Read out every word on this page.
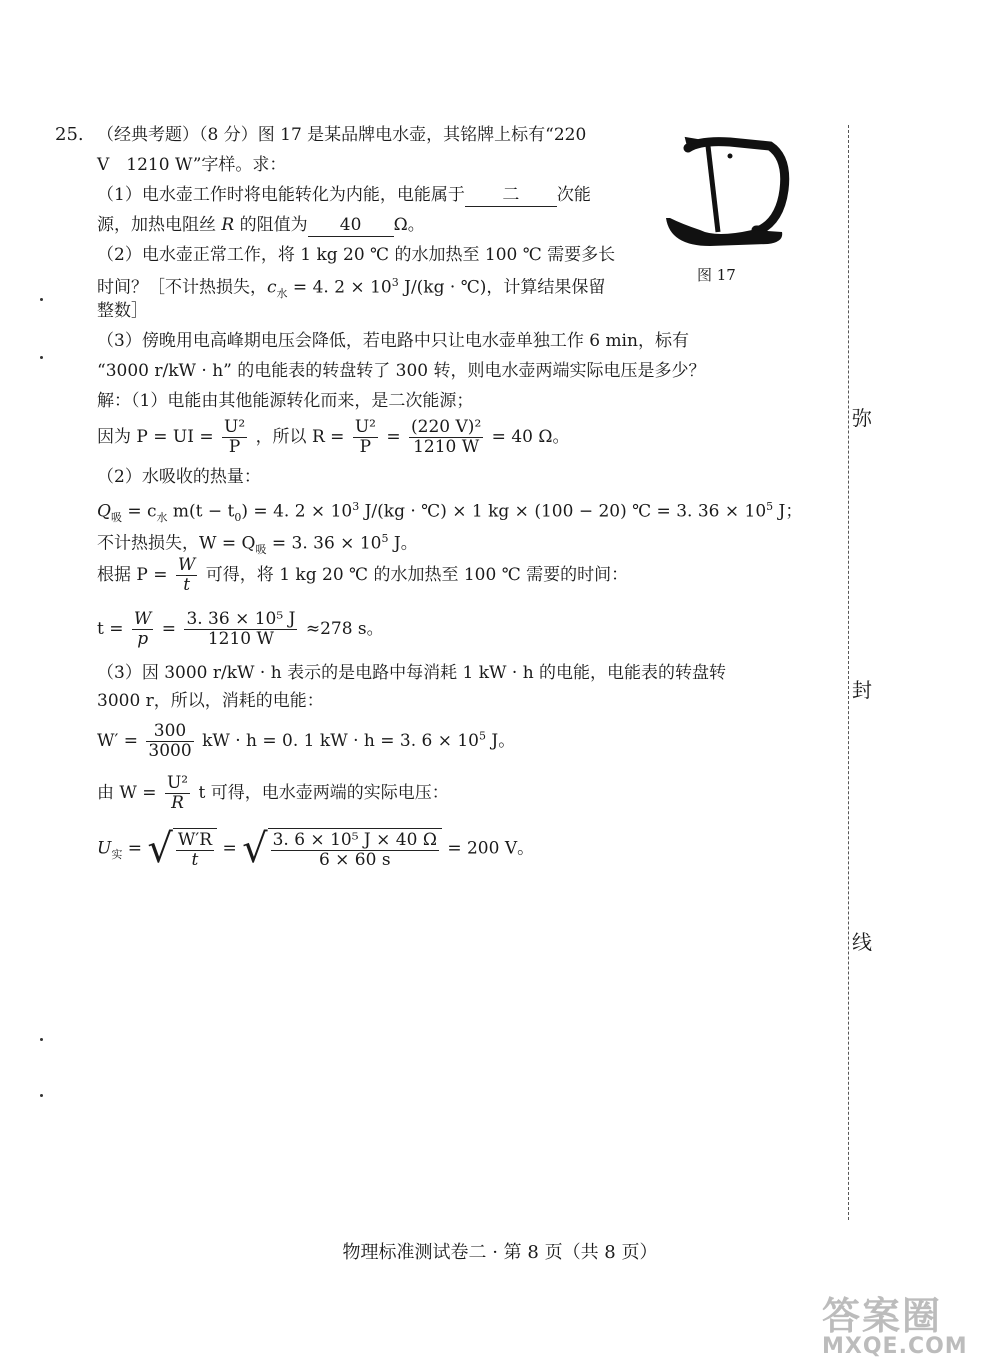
25. （经典考题）（8 分）图 17 是某品牌电水壶，其铭牌上标有“220
V　1210 W”字样。求：
（1）电水壶工作时将电能转化为内能，电能属于 二 次能
源，加热电阻丝 R 的阻值为 40 Ω。
（2）电水壶正常工作，将 1 kg 20 ℃ 的水加热至 100 ℃ 需要多长
时间？［不计热损失，$c_水 = 4$. $2 \times 10^3$ J/(kg · ℃)，计算结果保留
整数］
（3）傍晚用电高峰期电压会降低，若电路中只让电水壶单独工作 6 min，标有
“3000 r/kW · h” 的电能表的转盘转了 300 转，则电水壶两端实际电压是多少？
图 17
解：（1）电能由其他能源转化而来，是二次能源；
因为 P = UI = $\frac{\text{U²}}{P}$ ，所以 $R = \frac{\text{U²}}{P} = \frac{\text{(220 V)²}}{1210 W} = 40$ Ω。
（2）水吸收的热量：
$Q_吸 = c_水$ $m(t - t_0) = 4$. $2 \times 10^3$ J/(kg · ℃) × 1 kg × (100 − 20) ℃ = 3. $36 \times 10^5$ J；
不计热损失，$W = Q_吸 = 3$. $36 \times 10^5$ J。
根据 $P = \frac{W}{t}$ 可得，将 1 kg 20 ℃ 的水加热至 100 ℃ 需要的时间：
$t = \frac{W}{p} = \frac{\text{3. 36 × 10⁵ J}}{1210 W} \approx 278$ s。
（3）因 3000 r/kW · h 表示的是电路中每消耗 1 kW · h 的电能，电能表的转盘转
3000 r，所以，消耗的电能：
$W' = \frac{300}{3000}$ kW · h = 0. 1 kW · h = 3. $6 \times 10^5$ J。
由 $W = \frac{\text{U²}}{R}$ t 可得，电水壶两端的实际电压：
$U_实$ = √ $\frac{W'R}{t}$ = √ $\frac{\text{3. 6 × 10⁵ J × 40 Ω}}{6 \times 60 s} = 200$ V。
弥
封
线
物理标准测试卷二 · 第 8 页（共 8 页）
答案圈
MXQE.COM
